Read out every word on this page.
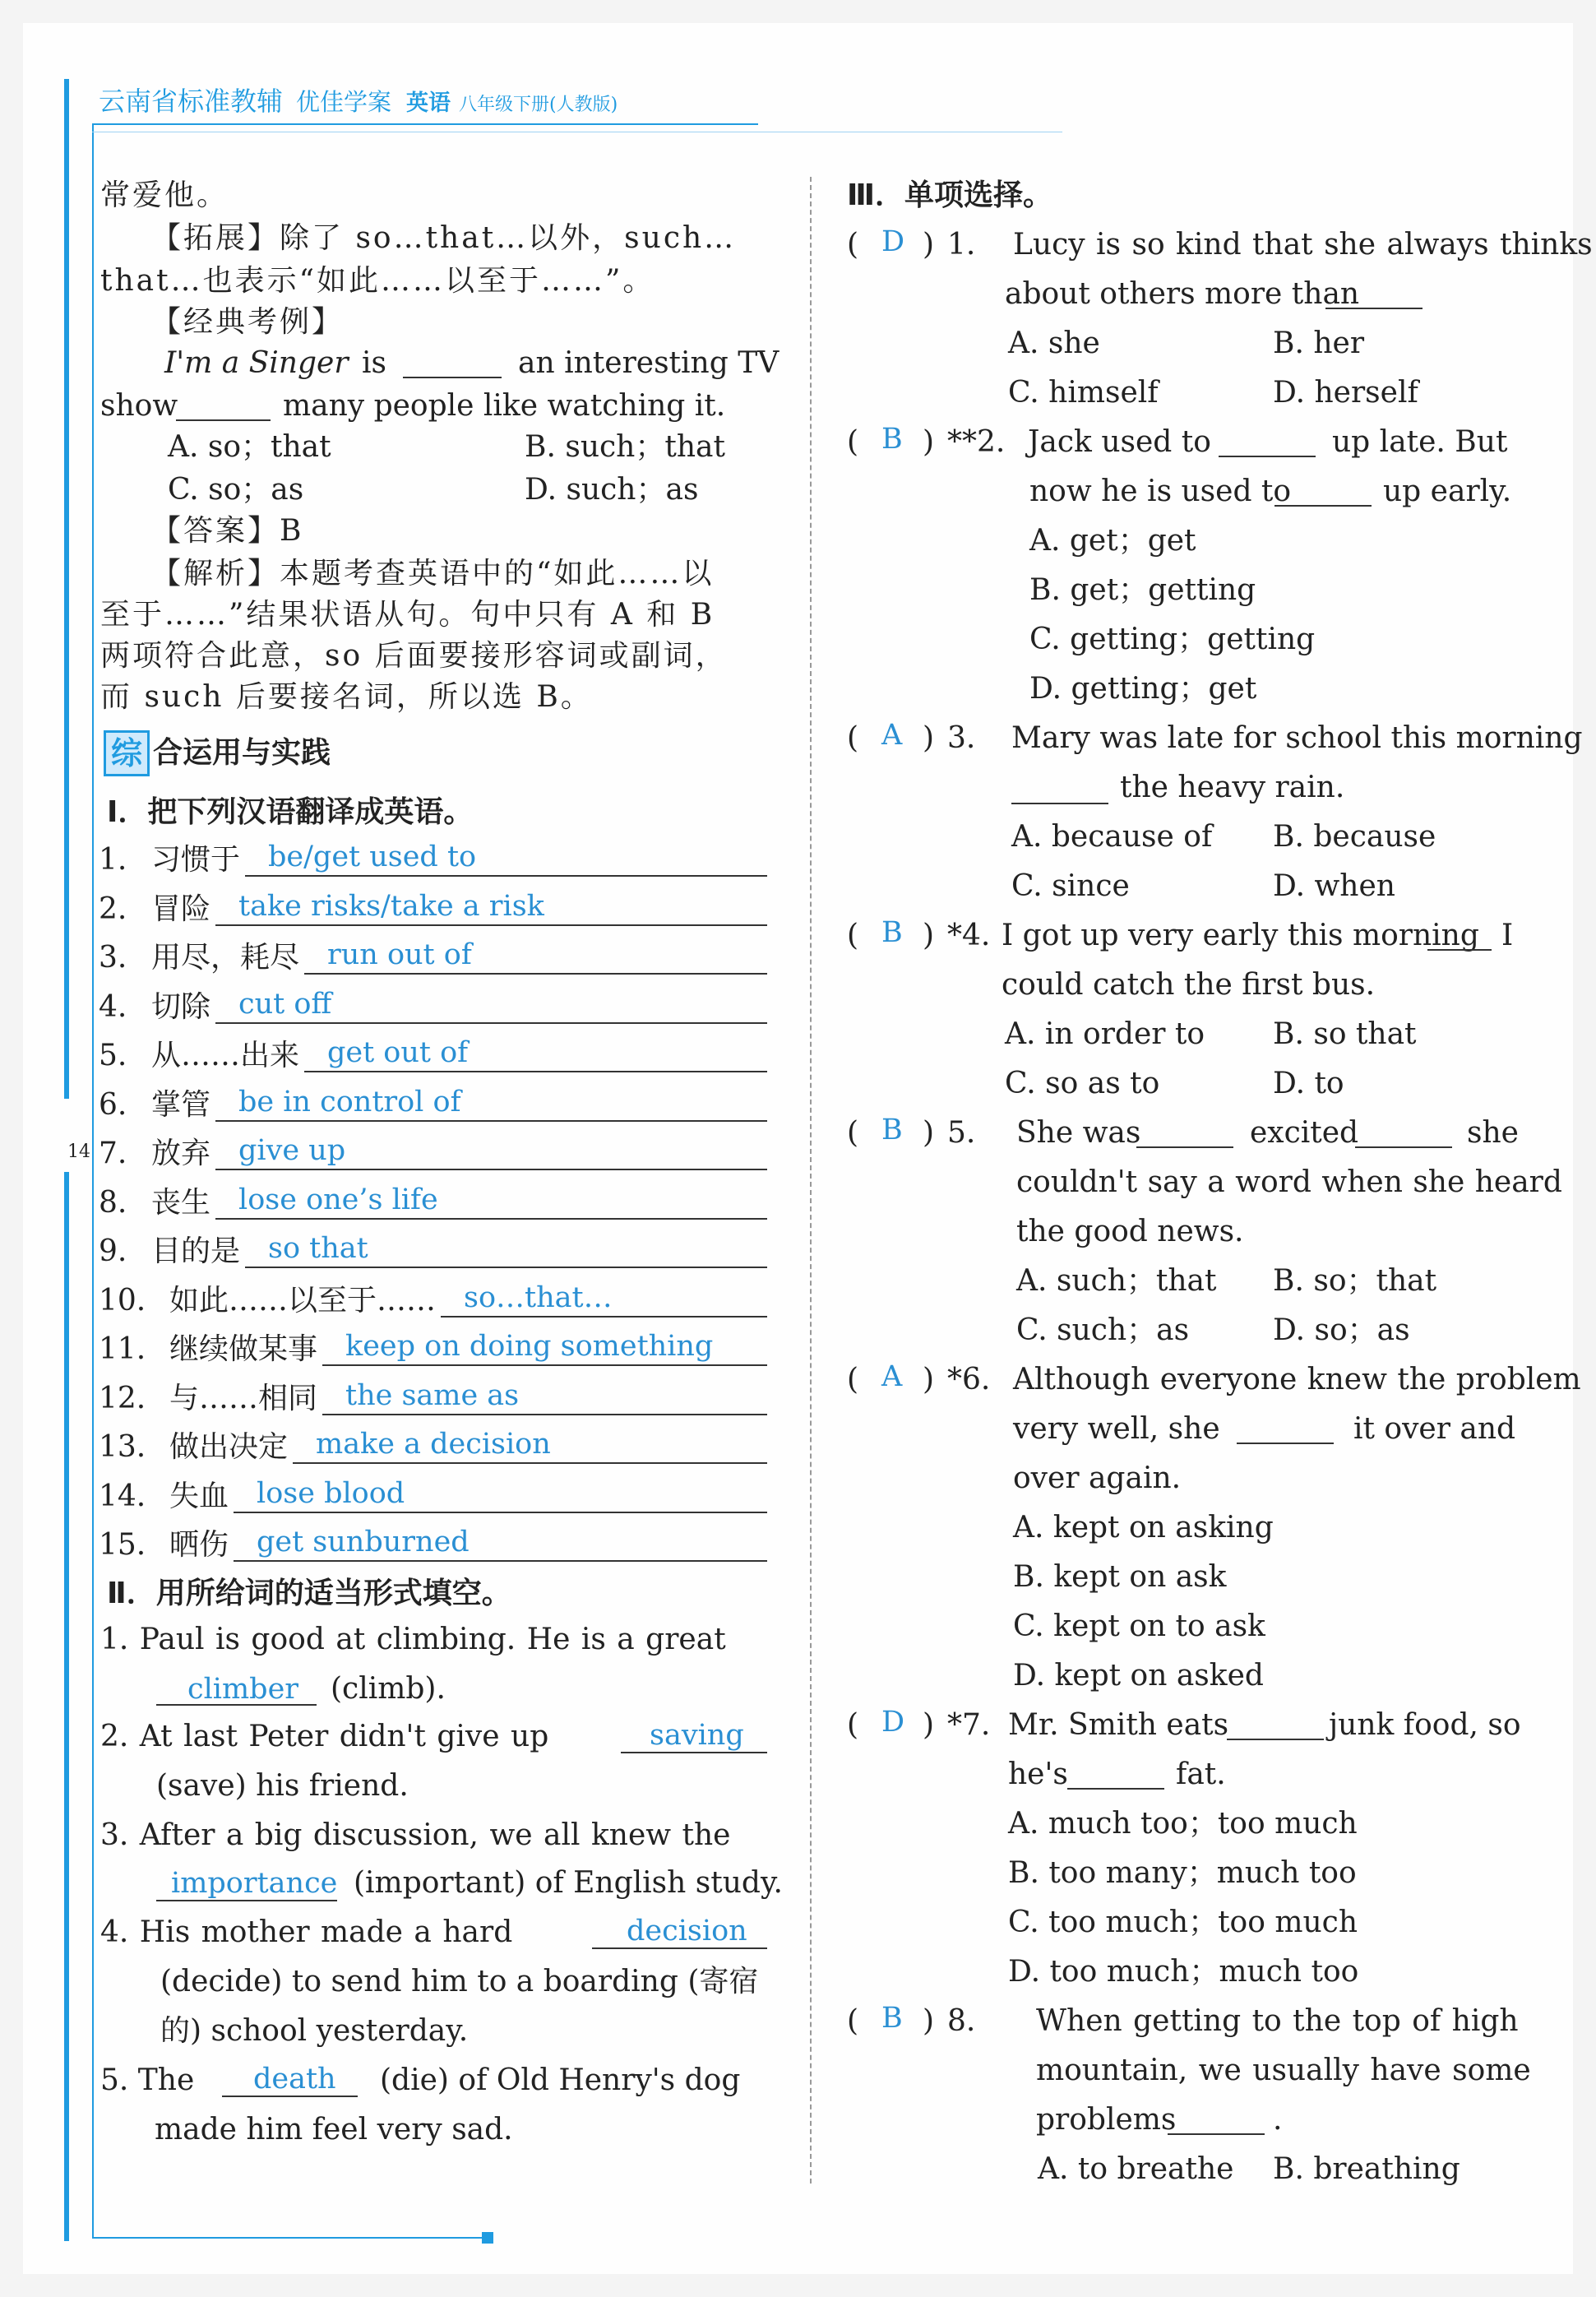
云南省标准教辅 优佳学案 英语 八年级下册(人教版)
14
常爱他。
【拓展】除了 so…that…以外，such…
that…也表示“如此……以至于……”。
【经典考例】
I'm a Singer is	an interesting TV
show	many people like watching it.
A. so；that	B. such；that
C. so；as	D. such；as
【答案】B
【解析】本题考查英语中的“如此……以
至于……”结果状语从句。句中只有 A 和 B
两项符合此意，so 后面要接形容词或副词，
而 such 后要接名词，所以选 B。
综 合运用与实践
Ⅰ．把下列汉语翻译成英语。
1. 习惯于 be/get used to
2. 冒险 take risks/take a risk
3. 用尽，耗尽 run out of
4. 切除 cut off
5. 从……出来 get out of
6. 掌管 be in control of
7. 放弃 give up
8. 丧生 lose one’s life
9. 目的是 so that
10. 如此……以至于…… so…that…
11. 继续做某事 keep on doing something
12. 与……相同 the same as
13. 做出决定 make a decision
14. 失血 lose blood
15. 晒伤 get sunburned
Ⅱ．用所给词的适当形式填空。
1. Paul is good at climbing. He is a great
climber (climb).
2. At last Peter didn't give up	saving
(save) his friend.
3. After a big discussion, we all knew the
importance (important) of English study.
4. His mother made a hard	decision
(decide) to send him to a boarding (寄宿
的) school yesterday.
5. The death (die) of Old Henry's dog
made him feel very sad.
Ⅲ．单项选择。
( D ) 1. Lucy is so kind that she always thinks
about others more than
A. she	B. her
C. himself	D. herself
( B ) **2. Jack used to	up late. But
now he is used to	up early.
A. get；get
B. get；getting
C. getting；getting
D. getting；get
( A ) 3. Mary was late for school this morning
the heavy rain.
A. because of B. because
C. since	D. when
( B ) *4. I got up very early this morning I
could catch the first bus.
A. in order to B. so that
C. so as to	D. to
( B ) 5. She was	excited	she
couldn't say a word when she heard
the good news.
A. such；that B. so；that
C. such；as	D. so；as
( A ) *6. Although everyone knew the problem
very well, she	it over and
over again.
A. kept on asking
B. kept on ask
C. kept on to ask
D. kept on asked
( D ) *7. Mr. Smith eats	junk food, so
he's	fat.
A. much too；too much
B. too many；much too
C. too much；too much
D. too much；much too
( B ) 8. When getting to the top of high
mountain, we usually have some
problems	.
A. to breathe B. breathing
